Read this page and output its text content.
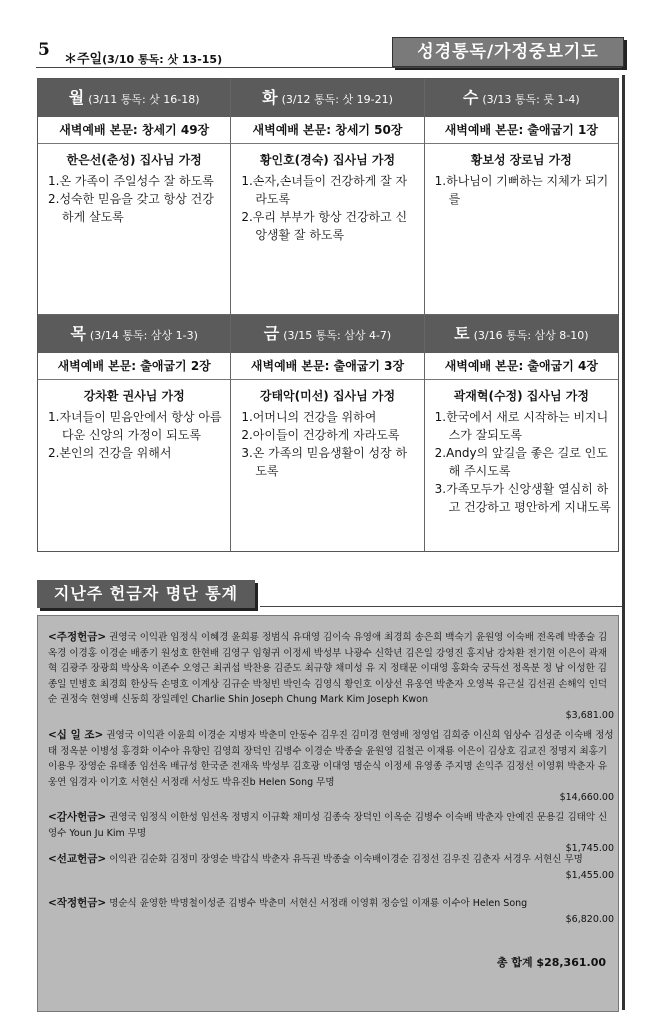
5 ＊주일(3/10 통독: 삿 13-15)	성경통독/가정중보기도
월 (3/11 통독: 삿 16-18)
새벽예배 본문: 창세기 49장
한은선(춘성) 집사님 가정
1.온 가족이 주일성수 잘 하도록
2.성숙한 믿음을 갖고 항상 건강하게 살도록
화 (3/12 통독: 삿 19-21)
새벽예배 본문: 창세기 50장
황인호(경숙) 집사님 가정
1.손자,손녀들이 건강하게 잘 자라도록
2.우리 부부가 항상 건강하고 신앙생활 잘 하도록
수 (3/13 통독: 룻 1-4)
새벽예배 본문: 출애굽기 1장
황보성 장로님 가정
1.하나님이 기뻐하는 지체가 되기를
목 (3/14 통독: 삼상 1-3)
새벽예배 본문: 출애굽기 2장
강차환 권사님 가정
1.자녀들이 믿음안에서 항상 아름다운 신앙의 가정이 되도록
2.본인의 건강을 위해서
금 (3/15 통독: 삼상 4-7)
새벽예배 본문: 출애굽기 3장
강태악(미선) 집사님 가정
1.어머니의 건강을 위하여
2.아이들이 건강하게 자라도록
3.온 가족의 믿음생활이 성장 하도록
토 (3/16 통독: 삼상 8-10)
새벽예배 본문: 출애굽기 4장
곽재혁(수정) 집사님 가정
1.한국에서 새로 시작하는 비지니스가 잘되도록
2.Andy의 앞길을 좋은 길로 인도해 주시도록
3.가족모두가 신앙생활 열심히 하고 건강하고 평안하게 지내도록
지난주 헌금자 명단 통계
<주정헌금> 권영국 이익관 임정식 이혜경 윤희룡 정범식 유대영 김이숙 유영애 최경희 송은희 백숙기 윤원영 이숙배 전옥례 박종술 김옥경 이경홍 이경순 배종기 원성호 한현배 김영구 임형귀 이정세 박성부 나광수 신학년 김은일 강영진 홍지남 강차환 전기현 이은이 곽재혁 김광주 장광희 박상옥 이존수 오영근 최귀섭 박찬용 김준도 최규향 채미성 유 지 정태문 이대영 홍화숙 궁득선 정옥분 정 남 이성한 김종일 민병호 최경희 한상득 손명호 이계상 김규순 박청빈 박인숙 김영식 황인호 이상선 유웅연 박춘자 오영복 유근실 김선권 손해익 인덕순 권정숙 현영배 신동희 장일레인 Charlie Shin Joseph Chung Mark Kim Joseph Kwon
$3,681.00
<십 일 조> 권영국 이익관 이윤희 이경순 지병자 박춘미 안동수 김우진 김미경 현영배 정영업 김희중 이신희 임상수 김성준 이숙배 정성태 정옥분 이병성 홍경화 이수아 유향인 김영희 장덕인 김병수 이경순 박종술 윤원영 김철곤 이재룡 이은이 김상호 김교진 정명지 최홍기 이용우 장영순 유태종 임선옥 배규성 한국준 전재욱 박성부 김호광 이대영 명순식 이정세 유영종 주지명 손익주 김정선 이영휘 박춘자 유웅연 임경자 이기호 서현신 서정래 서성도 박유진b Helen Song 무명
$14,660.00
<감사헌금> 권영국 임정식 이한성 임선옥 정명지 이규확 채미성 김종숙 장덕인 이옥순 김병수 이숙배 박춘자 안예진 문용길 김태악 신영수 Youn Ju Kim 무명
$1,745.00
<선교헌금> 이익관 김순화 김정미 장영순 박갑식 박춘자 유득권 박종술 이숙배이경순 김정선 김우진 김춘자 서경우 서현신 무명
$1,455.00
<작정헌금> 명순식 윤영한 박명철이성준 김병수 박춘미 서현신 서정래 이영휘 정승일 이재룡 이수아 Helen Song
$6,820.00
총 합계 $28,361.00
